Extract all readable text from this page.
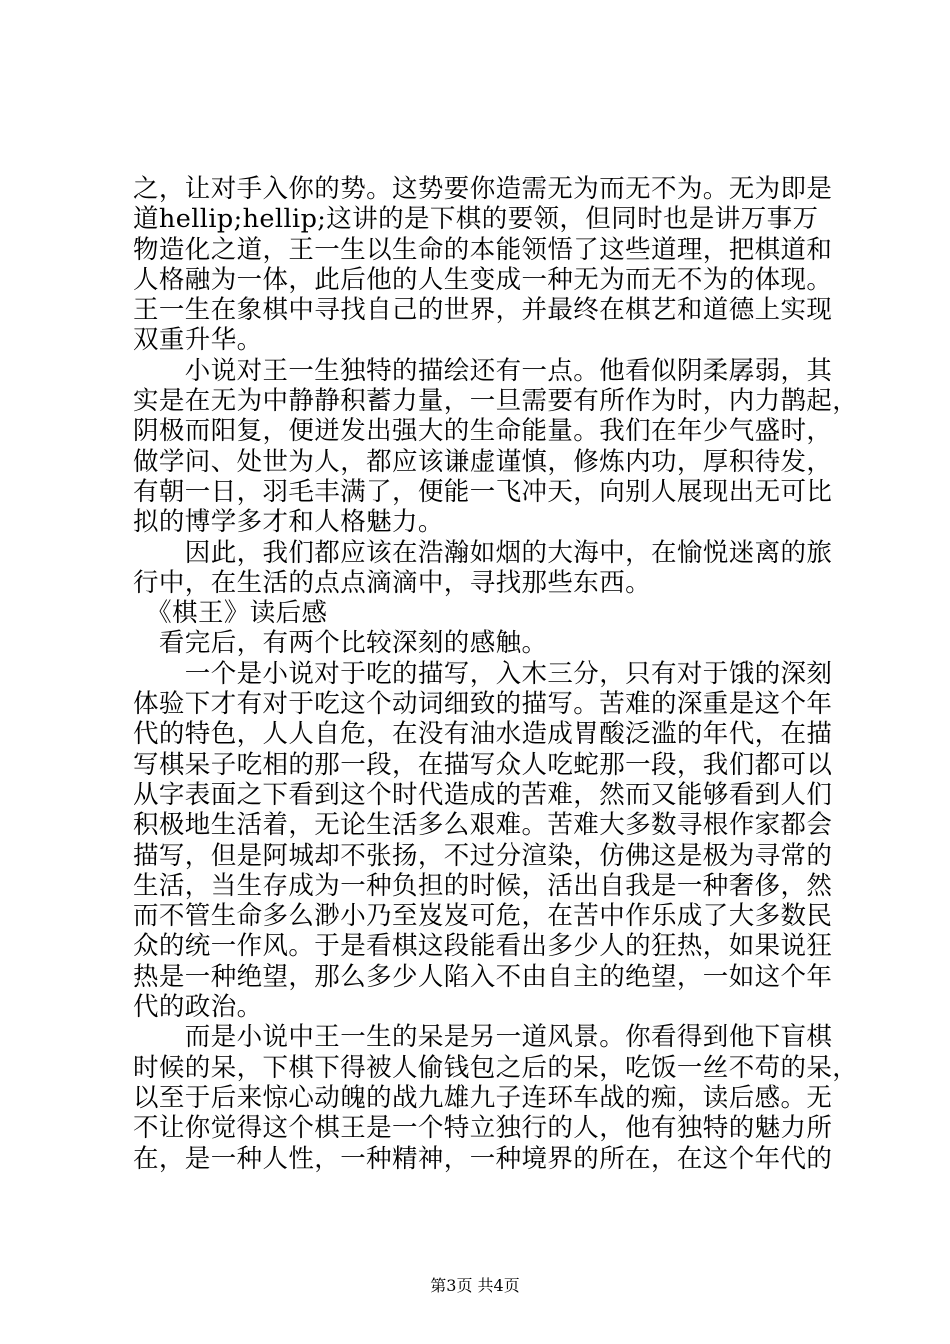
之，让对手入你的势。这势要你造需无为而无不为。无为即是
道hellip;hellip;这讲的是下棋的要领，但同时也是讲万事万
物造化之道，王一生以生命的本能领悟了这些道理，把棋道和
人格融为一体，此后他的人生变成一种无为而无不为的体现。
王一生在象棋中寻找自己的世界，并最终在棋艺和道德上实现
双重升华。
　　小说对王一生独特的描绘还有一点。他看似阴柔孱弱，其
实是在无为中静静积蓄力量，一旦需要有所作为时，内力鹊起，
阴极而阳复，便迸发出强大的生命能量。我们在年少气盛时，
做学问、处世为人，都应该谦虚谨慎，修炼内功，厚积待发，
有朝一日，羽毛丰满了，便能一飞冲天，向别人展现出无可比
拟的博学多才和人格魅力。
　　因此，我们都应该在浩瀚如烟的大海中，在愉悦迷离的旅
行中，在生活的点点滴滴中，寻找那些东西。
　《棋王》读后感
　看完后，有两个比较深刻的感触。
　　一个是小说对于吃的描写，入木三分，只有对于饿的深刻
体验下才有对于吃这个动词细致的描写。苦难的深重是这个年
代的特色，人人自危，在没有油水造成胃酸泛滥的年代，在描
写棋呆子吃相的那一段，在描写众人吃蛇那一段，我们都可以
从字表面之下看到这个时代造成的苦难，然而又能够看到人们
积极地生活着，无论生活多么艰难。苦难大多数寻根作家都会
描写，但是阿城却不张扬，不过分渲染，仿佛这是极为寻常的
生活，当生存成为一种负担的时候，活出自我是一种奢侈，然
而不管生命多么渺小乃至岌岌可危，在苦中作乐成了大多数民
众的统一作风。于是看棋这段能看出多少人的狂热，如果说狂
热是一种绝望，那么多少人陷入不由自主的绝望，一如这个年
代的政治。
　　而是小说中王一生的呆是另一道风景。你看得到他下盲棋
时候的呆，下棋下得被人偷钱包之后的呆，吃饭一丝不苟的呆，
以至于后来惊心动魄的战九雄九子连环车战的痴，读后感。无
不让你觉得这个棋王是一个特立独行的人，他有独特的魅力所
在，是一种人性，一种精神，一种境界的所在，在这个年代的
第3页 共4页
